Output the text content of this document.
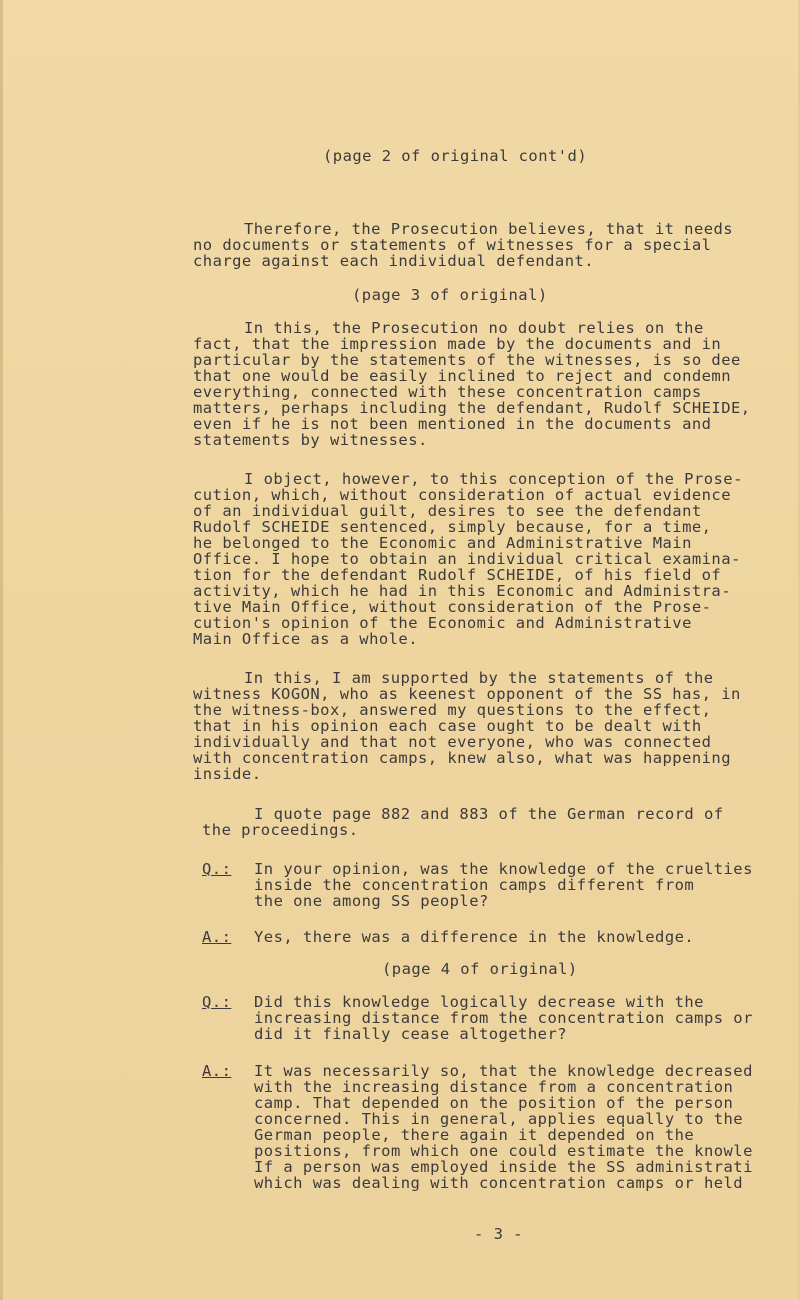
(page 2 of original cont'd)
Therefore, the Prosecution believes, that it needs
no documents or statements of witnesses for a special
charge against each individual defendant.
(page 3 of original)
In this, the Prosecution no doubt relies on the
fact, that the impression made by the documents and in
particular by the statements of the witnesses, is so dee
that one would be easily inclined to reject and condemn
everything, connected with these concentration camps
matters, perhaps including the defendant, Rudolf SCHEIDE,
even if he is not been mentioned in the documents and
statements by witnesses.
I object, however, to this conception of the Prose-
cution, which, without consideration of actual evidence
of an individual guilt, desires to see the defendant
Rudolf SCHEIDE sentenced, simply because, for a time,
he belonged to the Economic and Administrative Main
Office. I hope to obtain an individual critical examina-
tion for the defendant Rudolf SCHEIDE, of his field of
activity, which he had in this Economic and Administra-
tive Main Office, without consideration of the Prose-
cution's opinion of the Economic and Administrative
Main Office as a whole.
In this, I am supported by the statements of the
witness KOGON, who as keenest opponent of the SS has, in
the witness-box, answered my questions to the effect,
that in his opinion each case ought to be dealt with
individually and that not everyone, who was connected
with concentration camps, knew also, what was happening
inside.
I quote page 882 and 883 of the German record of
the proceedings.
Q.: In your opinion, was the knowledge of the cruelties
inside the concentration camps different from
the one among SS people?
A.: Yes, there was a difference in the knowledge.
(page 4 of original)
Q.: Did this knowledge logically decrease with the
increasing distance from the concentration camps or
did it finally cease altogether?
A.: It was necessarily so, that the knowledge decreased
with the increasing distance from a concentration
camp. That depended on the position of the person
concerned. This in general, applies equally to the
German people, there again it depended on the
positions, from which one could estimate the knowle
If a person was employed inside the SS administrati
which was dealing with concentration camps or held
- 3 -
